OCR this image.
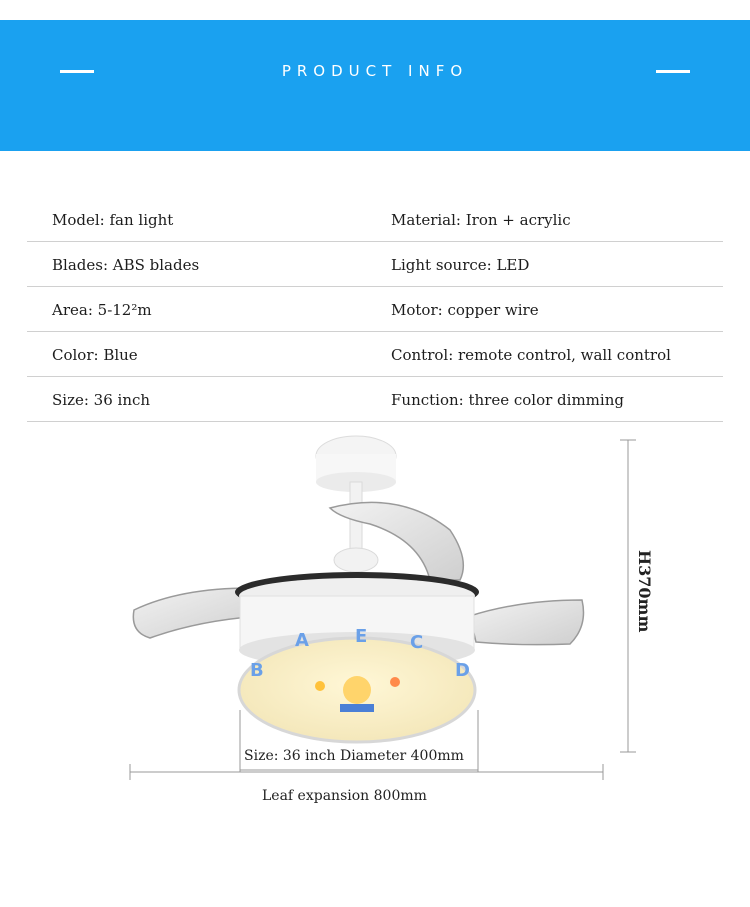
PRODUCT INFO
Model: fan light	Material: Iron + acrylic
Blades: ABS blades	Light source: LED
Area: 5-12²m	Motor: copper wire
Color: Blue	Control: remote control, wall control
Size: 36 inch	Function: three color dimming
B
A	E C
D
H370mm
Size: 36 inch Diameter 400mm
Leaf expansion 800mm
